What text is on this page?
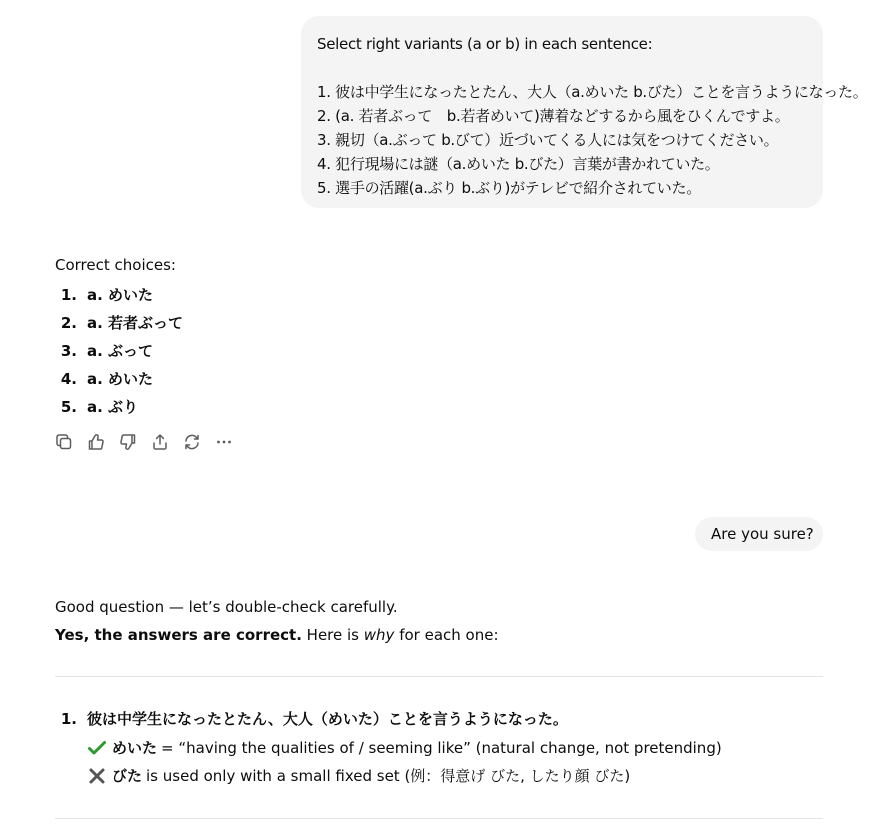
Select right variants (a or b) in each sentence:
1. 彼は中学生になったとたん、大人（a.めいた b.びた）ことを言うようになった。
2. (a. 若者ぶって　b.若者めいて)薄着などするから風をひくんですよ。
3. 親切（a.ぶって b.びて）近づいてくる人には気をつけてください。
4. 犯行現場には謎（a.めいた b.びた）言葉が書かれていた。
5. 選手の活躍(a.ぶり b.ぶり)がテレビで紹介されていた。
Correct choices:
1. a. めいた
2. a. 若者ぶって
3. a. ぶって
4. a. めいた
5. a. ぶり
Are you sure?
Good question — let’s double-check carefully.
Yes, the answers are correct. Here is why for each one:
1. 彼は中学生になったとたん、大人（めいた）ことを言うようになった。
めいた = “having the qualities of / seeming like” (natural change, not pretending)
びた is used only with a small fixed set (例：得意げ びた, したり顔 びた)
